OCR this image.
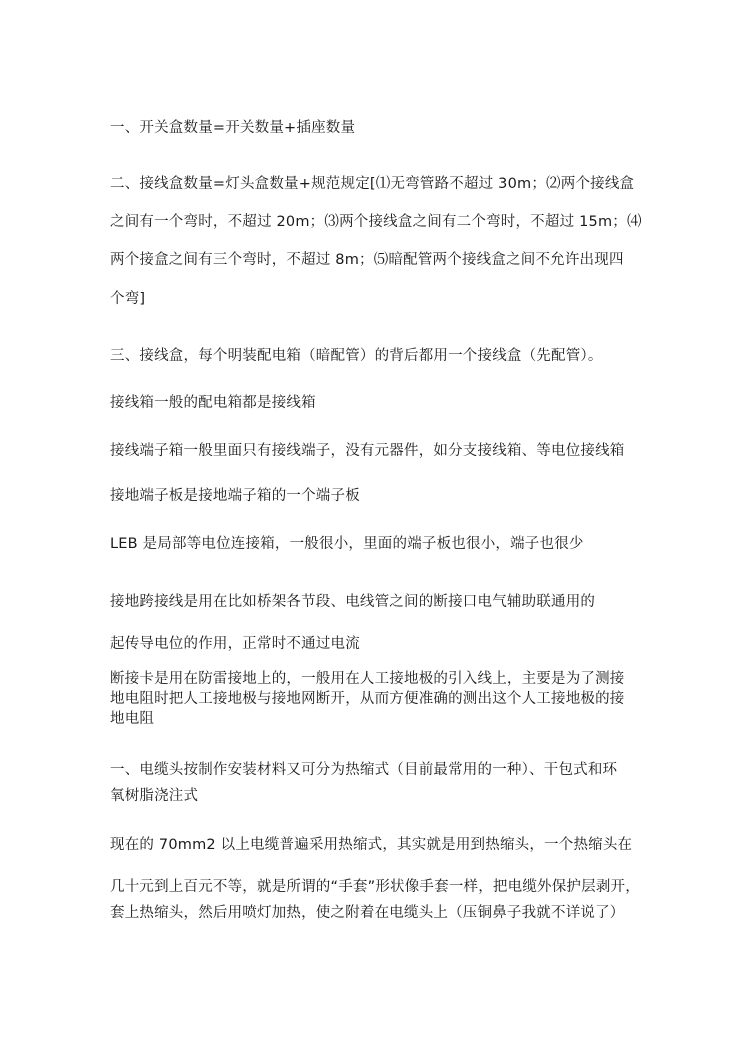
一、开关盒数量=开关数量+插座数量
二、接线盒数量=灯头盒数量+规范规定[⑴无弯管路不超过 30m；⑵两个接线盒
之间有一个弯时，不超过 20m；⑶两个接线盒之间有二个弯时，不超过 15m；⑷
两个接盒之间有三个弯时，不超过 8m；⑸暗配管两个接线盒之间不允许出现四
个弯]
三、接线盒，每个明装配电箱（暗配管）的背后都用一个接线盒（先配管）。
接线箱一般的配电箱都是接线箱
接线端子箱一般里面只有接线端子，没有元器件，如分支接线箱、等电位接线箱
接地端子板是接地端子箱的一个端子板
LEB 是局部等电位连接箱，一般很小，里面的端子板也很小，端子也很少
接地跨接线是用在比如桥架各节段、电线管之间的断接口电气辅助联通用的
起传导电位的作用，正常时不通过电流
断接卡是用在防雷接地上的，一般用在人工接地极的引入线上，主要是为了测接
地电阻时把人工接地极与接地网断开，从而方便准确的测出这个人工接地极的接
地电阻
一、电缆头按制作安装材料又可分为热缩式（目前最常用的一种）、干包式和环
氧树脂浇注式
现在的 70mm2 以上电缆普遍采用热缩式，其实就是用到热缩头，一个热缩头在
几十元到上百元不等，就是所谓的“手套”形状像手套一样，把电缆外保护层剥开，
套上热缩头，然后用喷灯加热，使之附着在电缆头上（压铜鼻子我就不详说了）
